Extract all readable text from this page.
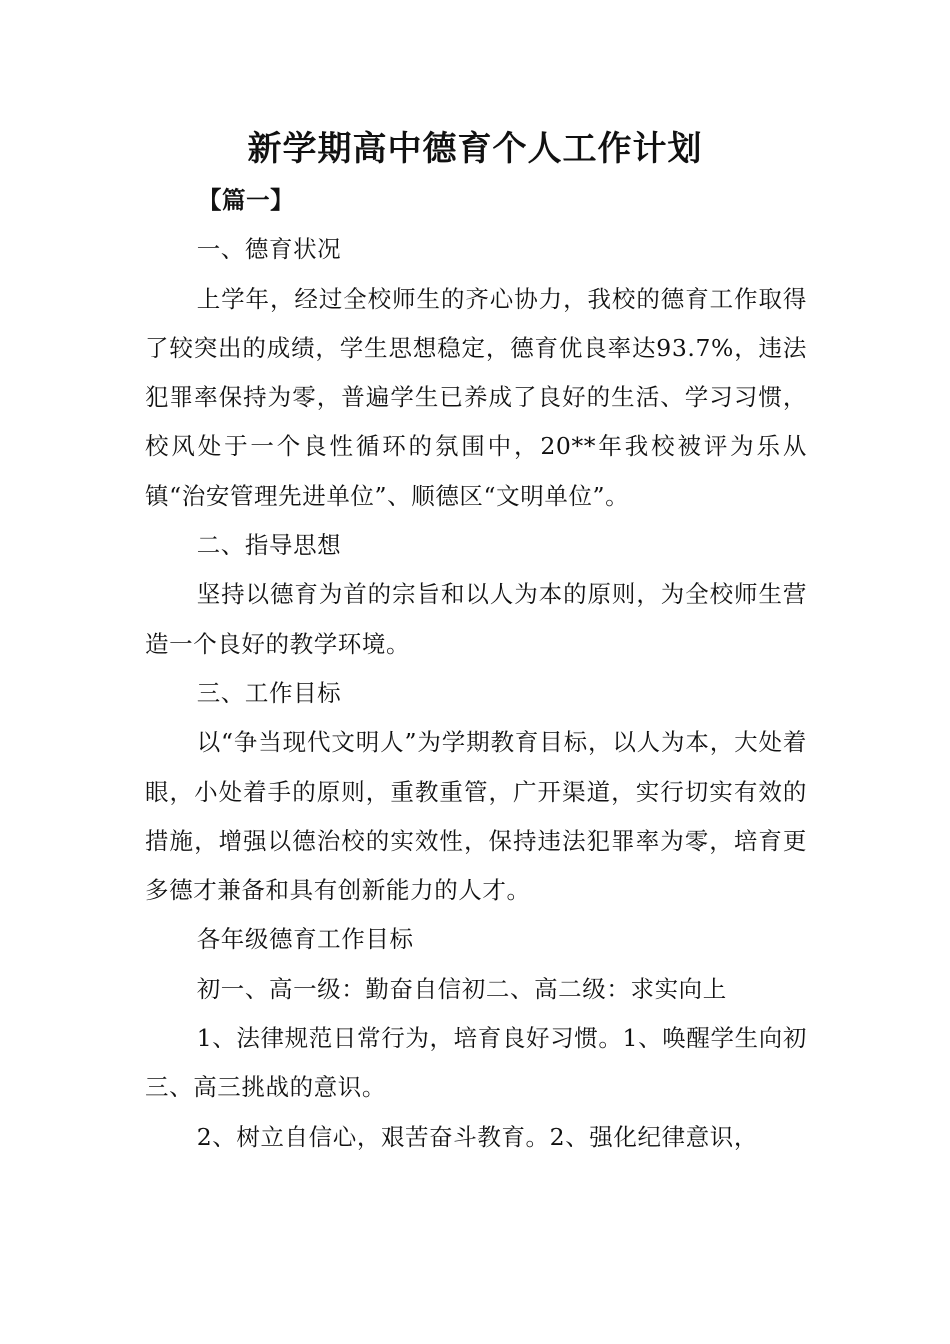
新学期高中德育个人工作计划

【篇一】

一、德育状况

上学年，经过全校师生的齐心协力，我校的德育工作取得了较突出的成绩，学生思想稳定，德育优良率达93.7%，违法犯罪率保持为零，普遍学生已养成了良好的生活、学习习惯，校风处于一个良性循环的氛围中，20**年我校被评为乐从镇“治安管理先进单位”、顺德区“文明单位”。

二、指导思想

坚持以德育为首的宗旨和以人为本的原则，为全校师生营造一个良好的教学环境。

三、工作目标

以“争当现代文明人”为学期教育目标，以人为本，大处着眼，小处着手的原则，重教重管，广开渠道，实行切实有效的措施，增强以德治校的实效性，保持违法犯罪率为零，培育更多德才兼备和具有创新能力的人才。

各年级德育工作目标

初一、高一级：勤奋自信初二、高二级：求实向上

1、法律规范日常行为，培育良好习惯。1、唤醒学生向初三、高三挑战的意识。

2、树立自信心，艰苦奋斗教育。2、强化纪律意识，
